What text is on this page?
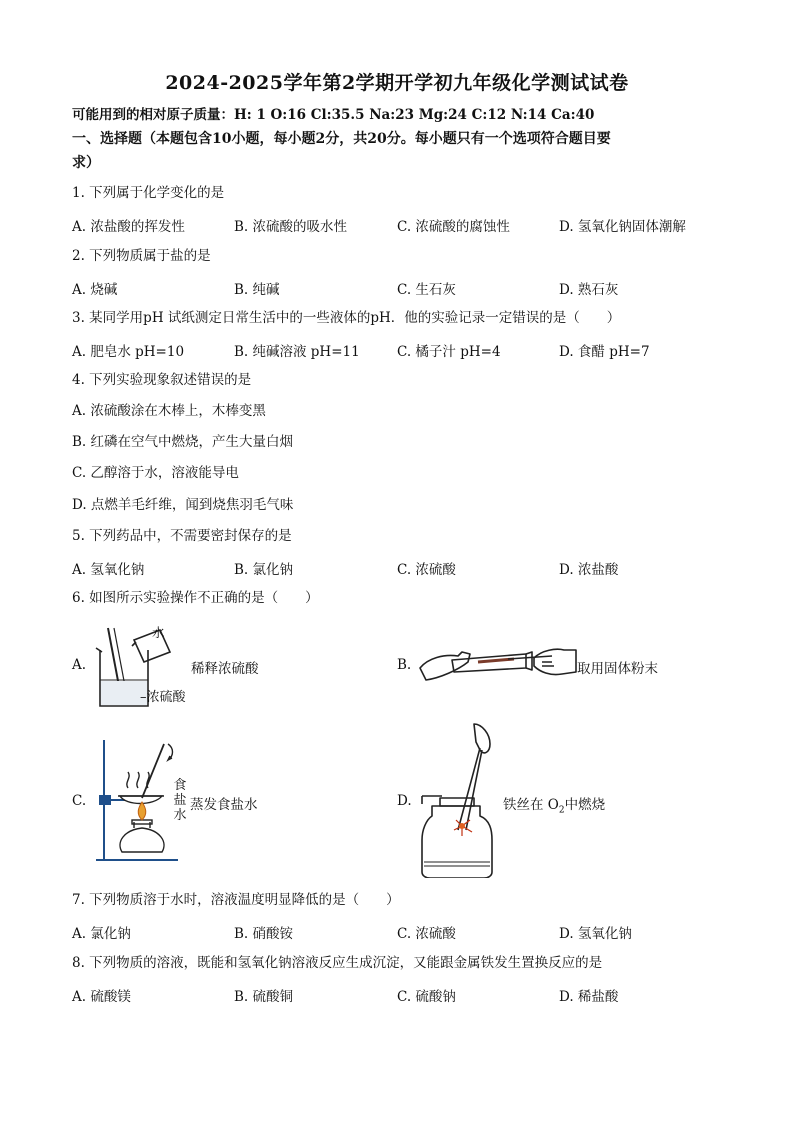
2024-2025学年第2学期开学初九年级化学测试试卷
可能用到的相对原子质量：H: 1 O:16 Cl:35.5 Na:23 Mg:24 C:12 N:14 Ca:40
一、选择题（本题包含10小题，每小题2分，共20分。每小题只有一个选项符合题目要
求）
1. 下列属于化学变化的是
A. 浓盐酸的挥发性	B. 浓硫酸的吸水性	C. 浓硫酸的腐蚀性	D. 氢氧化钠固体潮解
2. 下列物质属于盐的是
A. 烧碱	B. 纯碱	C. 生石灰	D. 熟石灰
3. 某同学用pH 试纸测定日常生活中的一些液体的pH．他的实验记录一定错误的是（　　）
A. 肥皂水 pH=10	B. 纯碱溶液 pH=11	C. 橘子汁 pH=4	D. 食醋 pH=7
4. 下列实验现象叙述错误的是
A. 浓硫酸涂在木棒上，木棒变黑
B. 红磷在空气中燃烧，产生大量白烟
C. 乙醇溶于水，溶液能导电
D. 点燃羊毛纤维，闻到烧焦羽毛气味
5. 下列药品中，不需要密封保存的是
A. 氢氧化钠	B. 氯化钠	C. 浓硫酸	D. 浓盐酸
6. 如图所示实验操作不正确的是（　　）
A.
水
–浓硫酸
稀释浓硫酸	B.	取用固体粉末
C.
食盐水
蒸发食盐水	D.	铁丝在 $O_2$中燃烧
7. 下列物质溶于水时，溶液温度明显降低的是（　　）
A. 氯化钠	B. 硝酸铵	C. 浓硫酸	D. 氢氧化钠
8. 下列物质的溶液，既能和氢氧化钠溶液反应生成沉淀，又能跟金属铁发生置换反应的是
A. 硫酸镁	B. 硫酸铜	C. 硫酸钠	D. 稀盐酸
